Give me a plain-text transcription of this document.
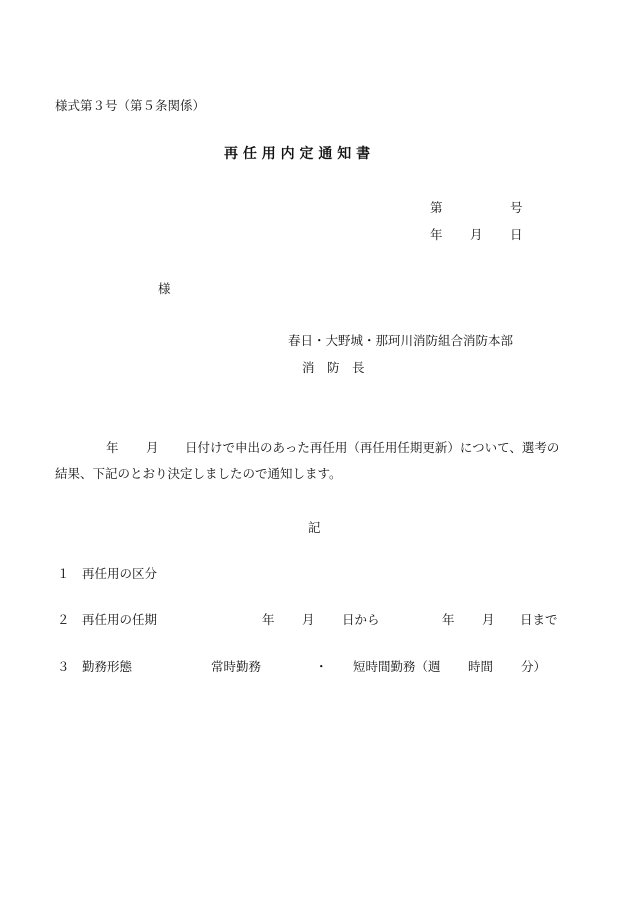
様式第３号（第５条関係）
再 任 用 内 定 通 知 書
第	号
年 月 日
様
春日・大野城・那珂川消防組合消防本部
消　防　長
年 月 日付けで申出のあった再任用（再任用任期更新）について、選考の
結果、下記のとおり決定しましたので通知します。
記
１ 再任用の区分
２ 再任用の任期	年 月 日から	年 月 日まで
３ 勤務形態	常時勤務	・ 短時間勤務（週 時間 分）
